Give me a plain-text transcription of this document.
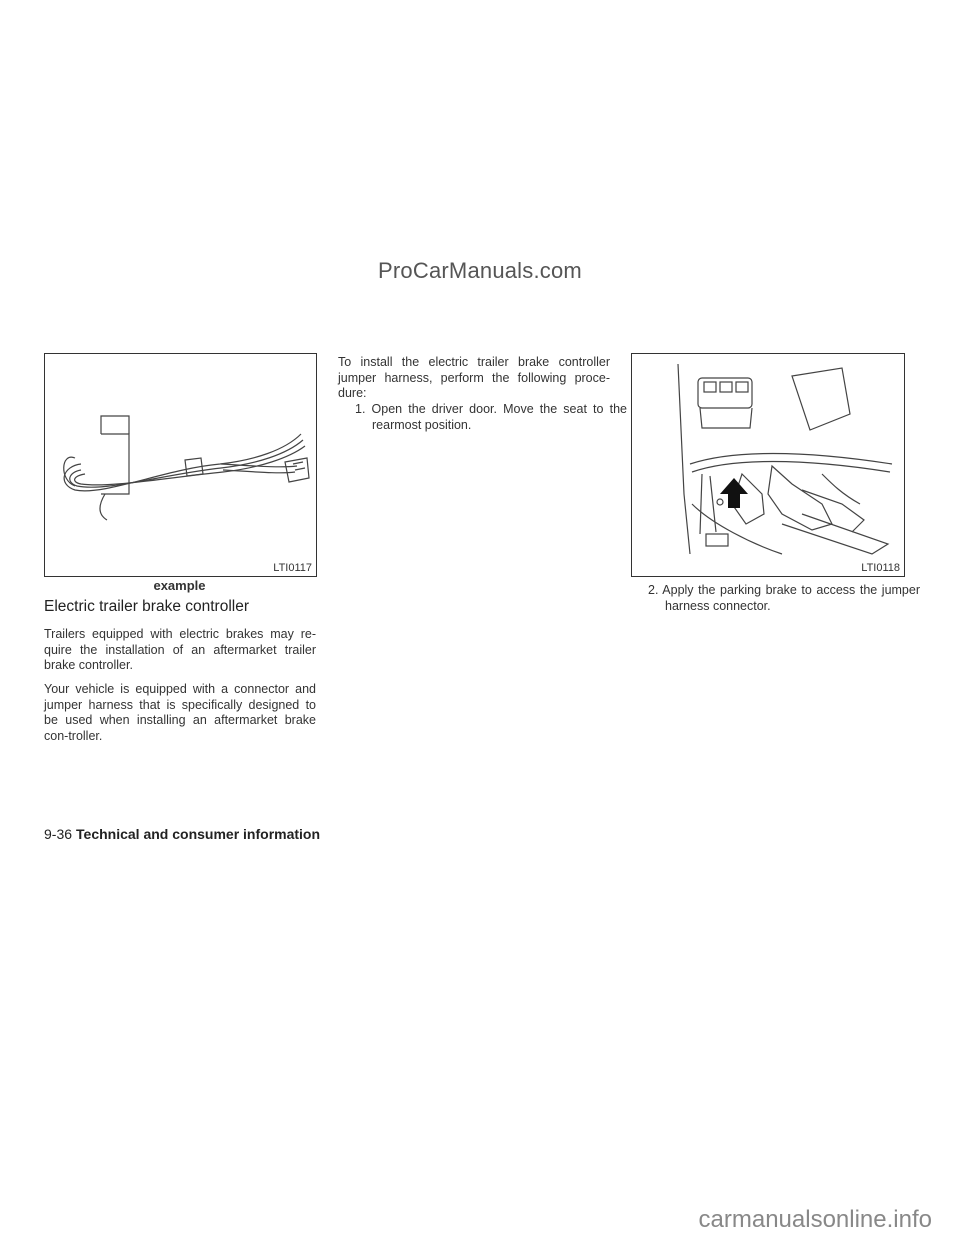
ProCarManuals.com
LTI0117
example
Electric trailer brake controller

Trailers equipped with electric brakes may re-quire the installation of an aftermarket trailer brake controller.

Your vehicle is equipped with a connector and jumper harness that is specifically designed to be used when installing an aftermarket brake con-troller.

To install the electric trailer brake controller jumper harness, perform the following proce-dure:

1. Open the driver door. Move the seat to the rearmost position.
LTI0118
2. Apply the parking brake to access the jumper harness connector.
9-36 Technical and consumer information
carmanualsonline.info
